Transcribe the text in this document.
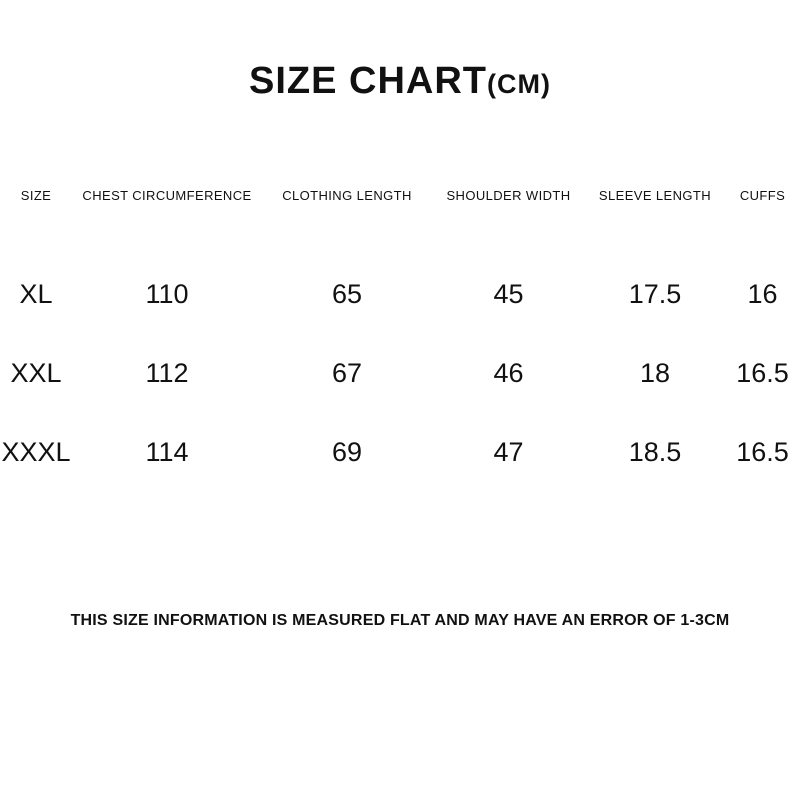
SIZE CHART(CM)
SIZE	CHEST CIRCUMFERENCE	CLOTHING LENGTH	SHOULDER WIDTH	SLEEVE LENGTH	CUFFS
XL	110	65	45	17.5	16
XXL	112	67	46	18	16.5
XXXL	114	69	47	18.5	16.5
THIS SIZE INFORMATION IS MEASURED FLAT AND MAY HAVE AN ERROR OF 1-3CM
